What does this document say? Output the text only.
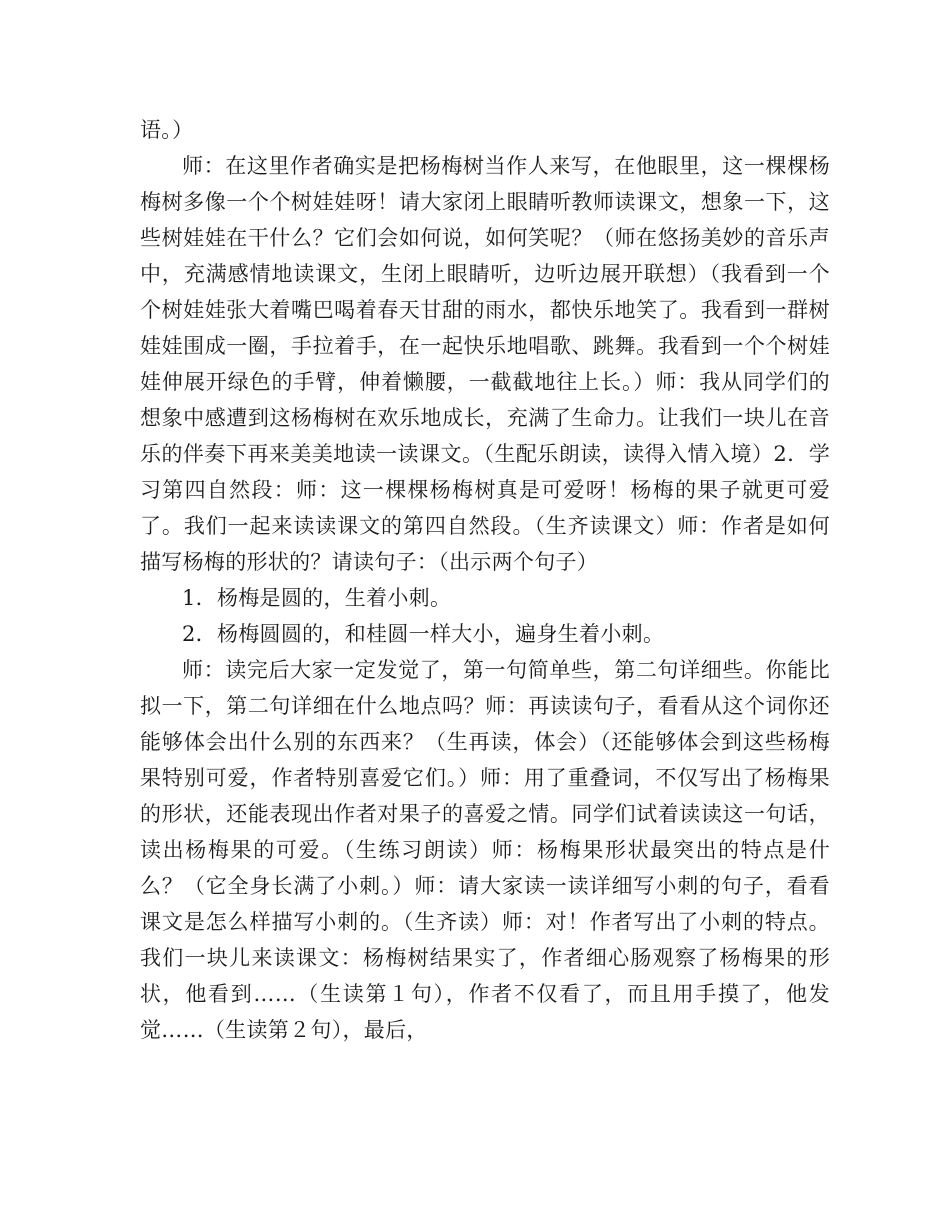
语。）

师：在这里作者确实是把杨梅树当作人来写，在他眼里，这一棵棵杨梅树多像一个个树娃娃呀！请大家闭上眼睛听教师读课文，想象一下，这些树娃娃在干什么？它们会如何说，如何笑呢？（师在悠扬美妙的音乐声中，充满感情地读课文，生闭上眼睛听，边听边展开联想）（我看到一个个树娃娃张大着嘴巴喝着春天甘甜的雨水，都快乐地笑了。我看到一群树娃娃围成一圈，手拉着手，在一起快乐地唱歌、跳舞。我看到一个个树娃娃伸展开绿色的手臂，伸着懒腰，一截截地往上长。）师：我从同学们的想象中感遭到这杨梅树在欢乐地成长，充满了生命力。让我们一块儿在音乐的伴奏下再来美美地读一读课文。（生配乐朗读，读得入情入境）2．学习第四自然段：师：这一棵棵杨梅树真是可爱呀！杨梅的果子就更可爱了。我们一起来读读课文的第四自然段。（生齐读课文）师：作者是如何描写杨梅的形状的？请读句子：（出示两个句子）

1．杨梅是圆的，生着小刺。

2．杨梅圆圆的，和桂圆一样大小，遍身生着小刺。

师：读完后大家一定发觉了，第一句简单些，第二句详细些。你能比拟一下，第二句详细在什么地点吗？师：再读读句子，看看从这个词你还能够体会出什么别的东西来？（生再读，体会）（还能够体会到这些杨梅果特别可爱，作者特别喜爱它们。）师：用了重叠词，不仅写出了杨梅果的形状，还能表现出作者对果子的喜爱之情。同学们试着读读这一句话，读出杨梅果的可爱。（生练习朗读）师：杨梅果形状最突出的特点是什么？（它全身长满了小刺。）师：请大家读一读详细写小刺的句子，看看课文是怎么样描写小刺的。（生齐读）师：对！作者写出了小刺的特点。我们一块儿来读课文：杨梅树结果实了，作者细心肠观察了杨梅果的形状，他看到……（生读第１句），作者不仅看了，而且用手摸了，他发觉……（生读第２句），最后，
